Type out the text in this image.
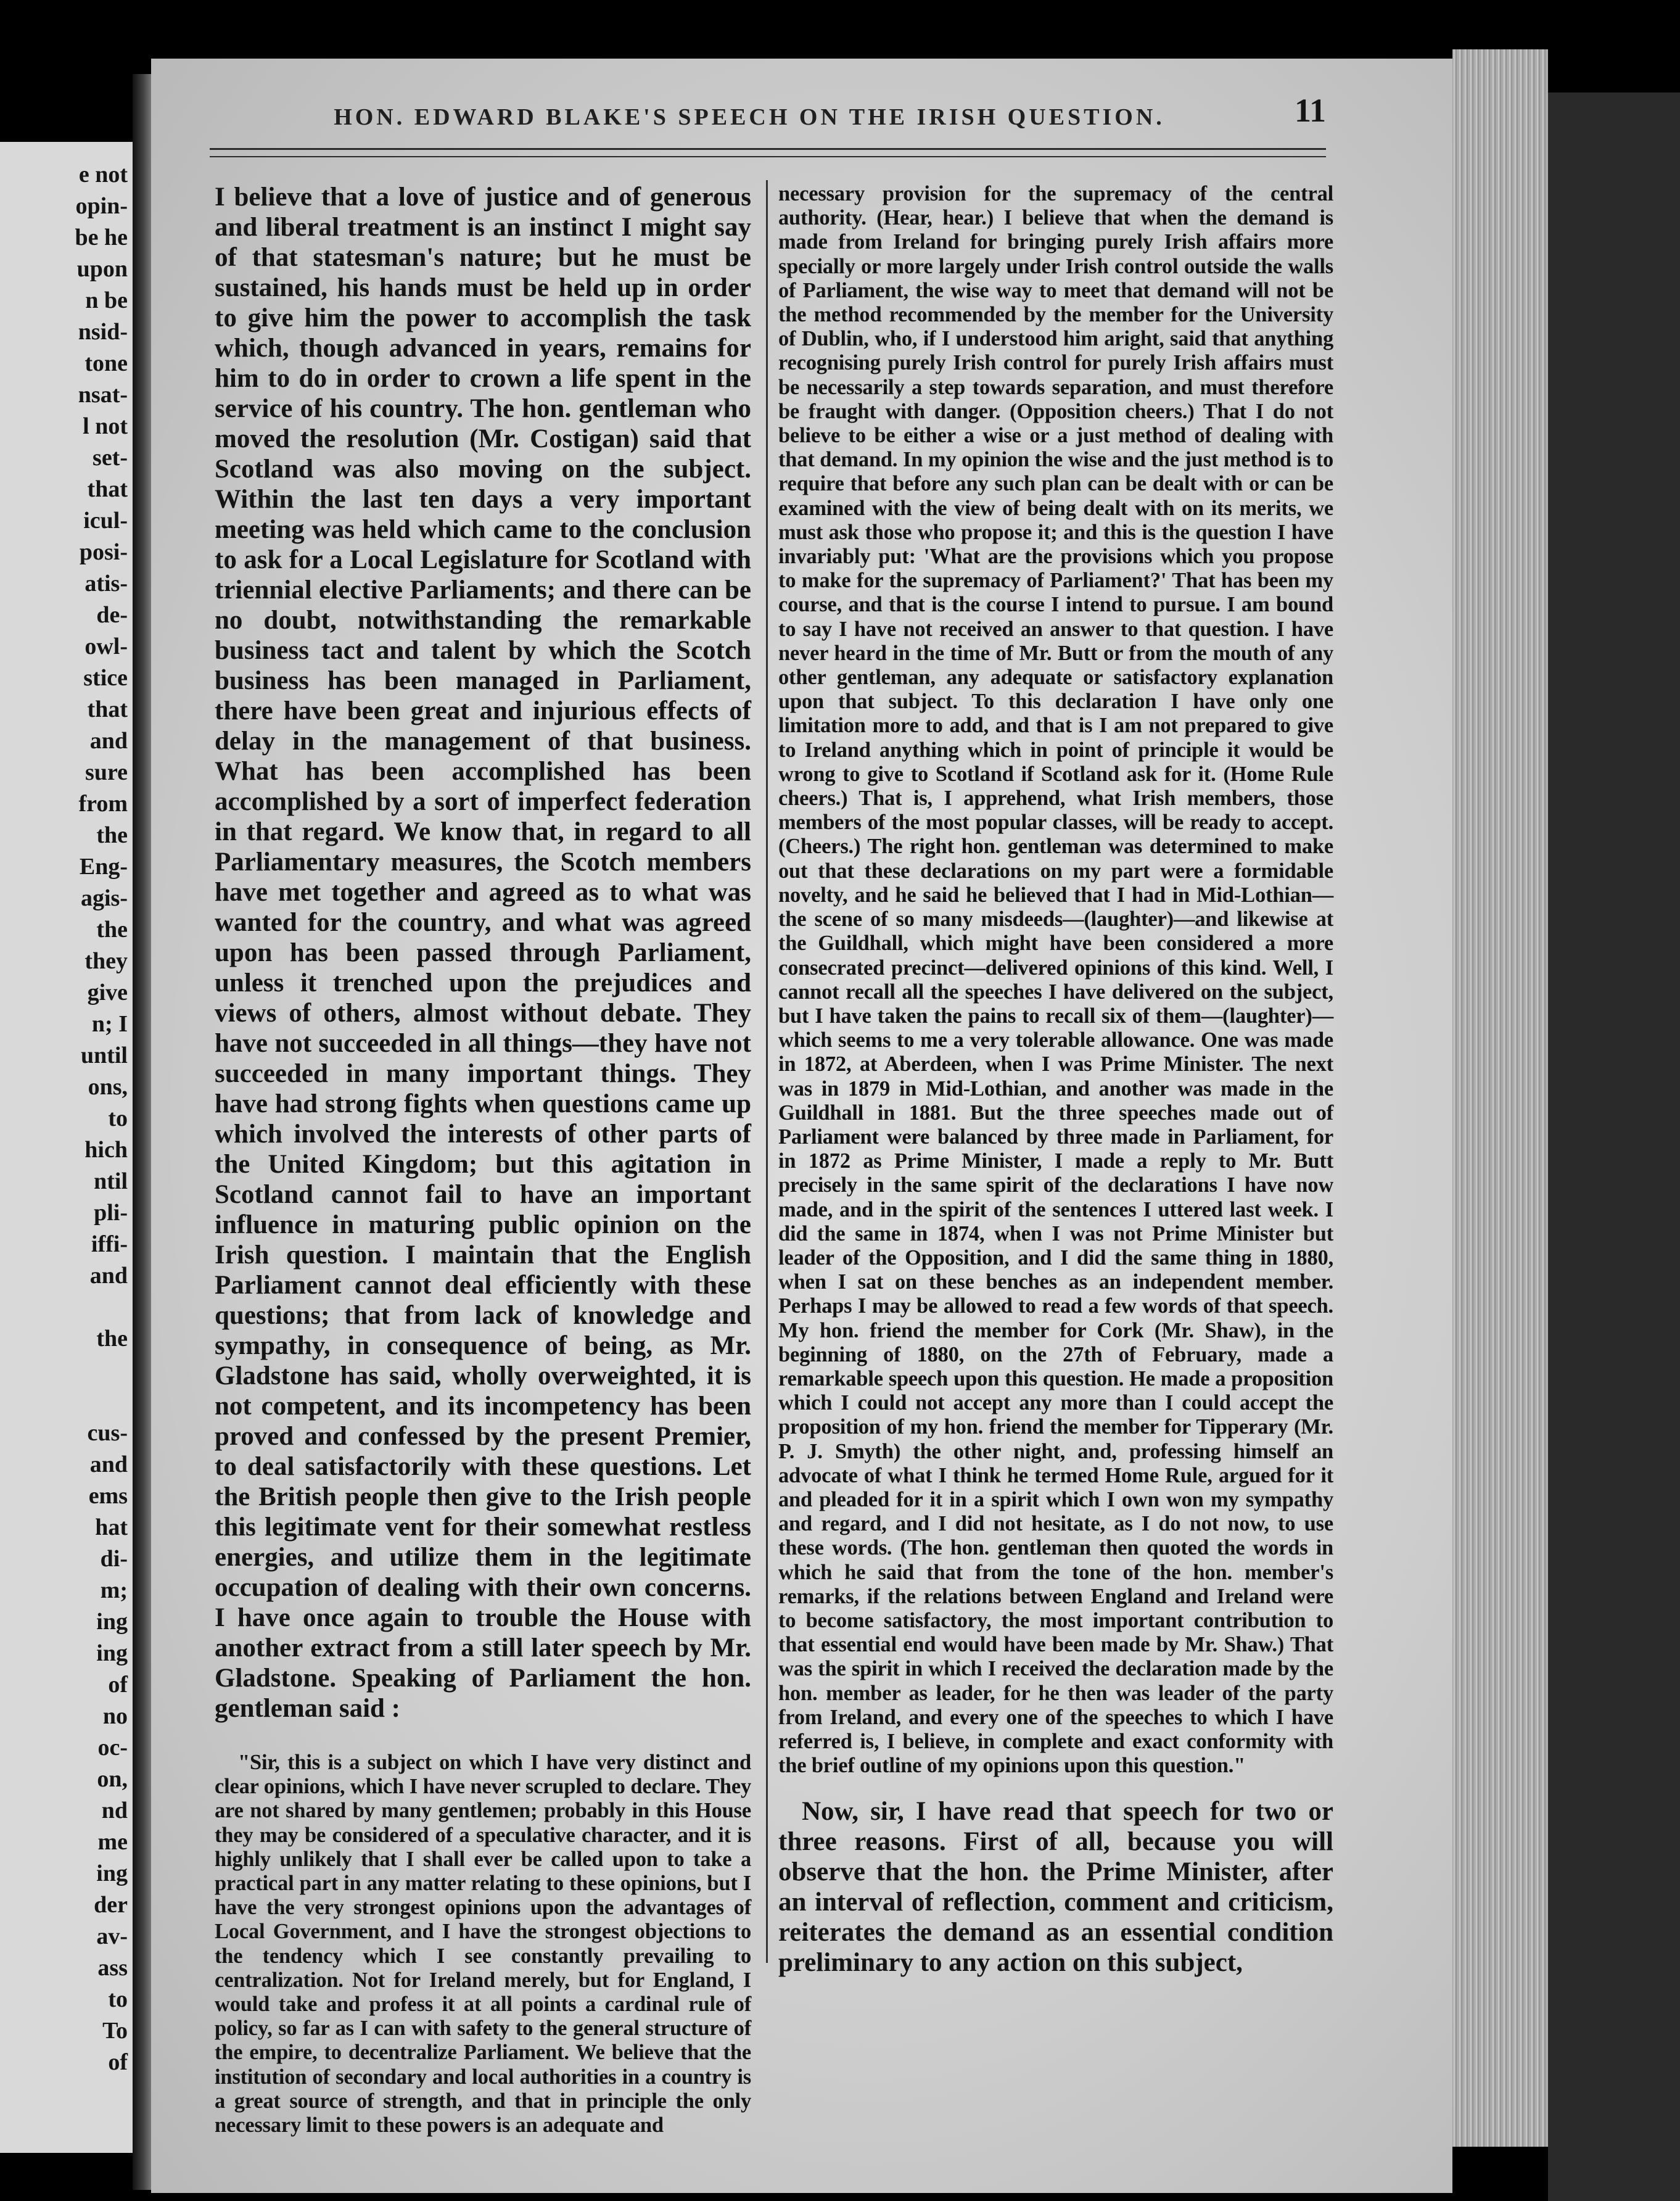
e not
opin-
be he
upon
n be
nsid-
tone
nsat-
l not
set-
that
icul-
posi-
atis-
de-
owl-
stice
that
and
sure
from
the
Eng-
agis-
the
they
give
n; I
until
ons,
to
hich
ntil
pli-
iffi-
and
the
cus-
and
ems
hat
di-
m;
ing
ing
of
no
oc-
on,
nd
me
ing
der
av-
ass
to
To
of
HON. EDWARD BLAKE'S SPEECH ON THE IRISH QUESTION.	11

I believe that a love of justice and of generous and liberal treatment is an instinct I might say of that statesman's nature; but he must be sustained, his hands must be held up in order to give him the power to accomplish the task which, though advanced in years, remains for him to do in order to crown a life spent in the service of his country. The hon. gentleman who moved the resolution (Mr. Costigan) said that Scotland was also moving on the subject. Within the last ten days a very important meeting was held which came to the conclusion to ask for a Local Legislature for Scotland with triennial elective Parliaments; and there can be no doubt, notwithstanding the remarkable business tact and talent by which the Scotch business has been managed in Parliament, there have been great and injurious effects of delay in the management of that business. What has been accomplished has been accomplished by a sort of imperfect federation in that regard. We know that, in regard to all Parliamentary measures, the Scotch members have met together and agreed as to what was wanted for the country, and what was agreed upon has been passed through Parliament, unless it trenched upon the prejudices and views of others, almost without debate. They have not succeeded in all things—they have not succeeded in many important things. They have had strong fights when questions came up which involved the interests of other parts of the United Kingdom; but this agitation in Scotland cannot fail to have an important influence in maturing public opinion on the Irish question. I maintain that the English Parliament cannot deal efficiently with these questions; that from lack of knowledge and sympathy, in consequence of being, as Mr. Gladstone has said, wholly overweighted, it is not competent, and its incompetency has been proved and confessed by the present Premier, to deal satisfactorily with these questions. Let the British people then give to the Irish people this legitimate vent for their somewhat restless energies, and utilize them in the legitimate occupation of dealing with their own concerns. I have once again to trouble the House with another extract from a still later speech by Mr. Gladstone. Speaking of Parliament the hon. gentleman said :

"Sir, this is a subject on which I have very distinct and clear opinions, which I have never scrupled to declare. They are not shared by many gentlemen; probably in this House they may be considered of a speculative character, and it is highly unlikely that I shall ever be called upon to take a practical part in any matter relating to these opinions, but I have the very strongest opinions upon the advantages of Local Government, and I have the strongest objections to the tendency which I see constantly prevailing to centralization. Not for Ireland merely, but for England, I would take and profess it at all points a cardinal rule of policy, so far as I can with safety to the general structure of the empire, to decentralize Parliament. We believe that the institution of secondary and local authorities in a country is a great source of strength, and that in principle the only necessary limit to these powers is an adequate and

necessary provision for the supremacy of the central authority. (Hear, hear.) I believe that when the demand is made from Ireland for bringing purely Irish affairs more specially or more largely under Irish control outside the walls of Parliament, the wise way to meet that demand will not be the method recommended by the member for the University of Dublin, who, if I understood him aright, said that anything recognising purely Irish control for purely Irish affairs must be necessarily a step towards separation, and must therefore be fraught with danger. (Opposition cheers.) That I do not believe to be either a wise or a just method of dealing with that demand. In my opinion the wise and the just method is to require that before any such plan can be dealt with or can be examined with the view of being dealt with on its merits, we must ask those who propose it; and this is the question I have invariably put: 'What are the provisions which you propose to make for the supremacy of Parliament?' That has been my course, and that is the course I intend to pursue. I am bound to say I have not received an answer to that question. I have never heard in the time of Mr. Butt or from the mouth of any other gentleman, any adequate or satisfactory explanation upon that subject. To this declaration I have only one limitation more to add, and that is I am not prepared to give to Ireland anything which in point of principle it would be wrong to give to Scotland if Scotland ask for it. (Home Rule cheers.) That is, I apprehend, what Irish members, those members of the most popular classes, will be ready to accept. (Cheers.) The right hon. gentleman was determined to make out that these declarations on my part were a formidable novelty, and he said he believed that I had in Mid-Lothian—the scene of so many misdeeds—(laughter)—and likewise at the Guildhall, which might have been considered a more consecrated precinct—delivered opinions of this kind. Well, I cannot recall all the speeches I have delivered on the subject, but I have taken the pains to recall six of them—(laughter)—which seems to me a very tolerable allowance. One was made in 1872, at Aberdeen, when I was Prime Minister. The next was in 1879 in Mid-Lothian, and another was made in the Guildhall in 1881. But the three speeches made out of Parliament were balanced by three made in Parliament, for in 1872 as Prime Minister, I made a reply to Mr. Butt precisely in the same spirit of the declarations I have now made, and in the spirit of the sentences I uttered last week. I did the same in 1874, when I was not Prime Minister but leader of the Opposition, and I did the same thing in 1880, when I sat on these benches as an independent member. Perhaps I may be allowed to read a few words of that speech. My hon. friend the member for Cork (Mr. Shaw), in the beginning of 1880, on the 27th of February, made a remarkable speech upon this question. He made a proposition which I could not accept any more than I could accept the proposition of my hon. friend the member for Tipperary (Mr. P. J. Smyth) the other night, and, professing himself an advocate of what I think he termed Home Rule, argued for it and pleaded for it in a spirit which I own won my sympathy and regard, and I did not hesitate, as I do not now, to use these words. (The hon. gentleman then quoted the words in which he said that from the tone of the hon. member's remarks, if the relations between England and Ireland were to become satisfactory, the most important contribution to that essential end would have been made by Mr. Shaw.) That was the spirit in which I received the declaration made by the hon. member as leader, for he then was leader of the party from Ireland, and every one of the speeches to which I have referred is, I believe, in complete and exact conformity with the brief outline of my opinions upon this question."

Now, sir, I have read that speech for two or three reasons. First of all, because you will observe that the hon. the Prime Minister, after an interval of reflection, comment and criticism, reiterates the demand as an essential condition preliminary to any action on this subject,
